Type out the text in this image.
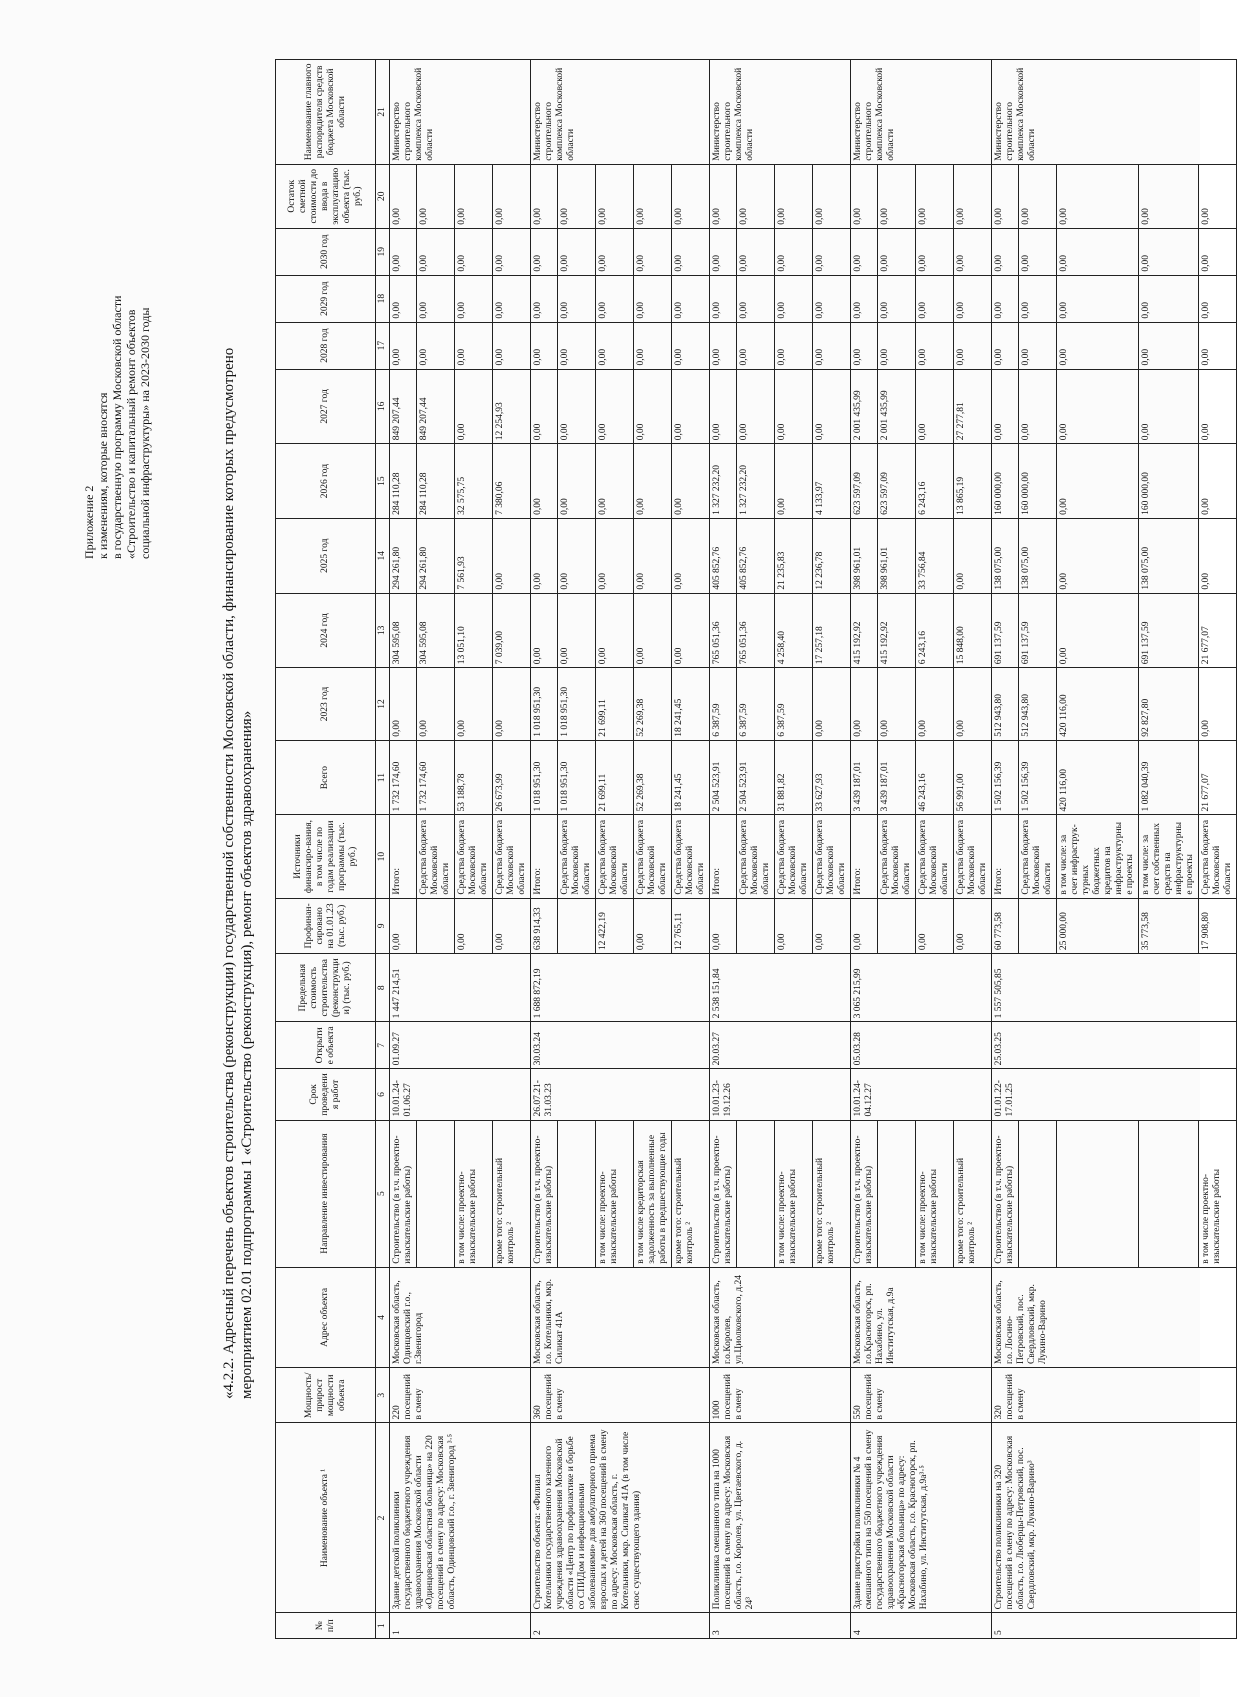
Приложение 2 к изменениям, которые вносятся в государственную программу Московской области «Строительство и капитальный ремонт объектов социальной инфраструктуры» на 2023-2030 годы	«4.2.2. Адресный перечень объектов строительства (реконструкции) государственной собственности Московской области, финансирование которых предусмотрено мероприятием 02.01 подпрограммы 1 «Строительство (реконструкция), ремонт объектов здравоохранения»
№ п/п	Наименование объекта ¹	Мощность/ прирост мощности объекта	Адрес объекта	Направление инвестирования	Срок проведения работ	Открытие объекта	Предельная стоимость строительства (реконструкции) (тыс. руб.)	Профинан-сировано на 01.01.23 (тыс. руб.)	Источники финансиро-вания, в том числе по годам реализации программы (тыс. руб.)	Всего	2023 год	2024 год	2025 год	2026 год	2027 год	2028 год	2029 год	2030 год	Остаток сметной стоимости до ввода в эксплуатацию объекта (тыс. руб.)	Наименование главного распорядителя средств бюджета Московской области
1	2	3	4	5	6	7	8	9	10	11	12	13	14	15	16	17	18	19	20	21
1	Здание детской поликлиники государственного бюджетного учреждения здравоохранения Московской области «Одинцовская областная больница» на 220 посещений в смену по адресу: Московская область, Одинцовский г.о., г. Звенигород ³·⁵	220 посещений в смену	Московская область, Одинцовский г.о., г.Звенигород	Строительство (в т.ч. проектно-изыскательские работы)	10.01.24-01.06.27	01.09.27	1 447 214,51	0,00	Итого:	1 732 174,60	0,00	304 595,08	294 261,80	284 110,28	849 207,44	0,00	0,00	0,00	0,00	Министерство строительного комплекса Московской области
									Средства бюджета Московской области	1 732 174,60	0,00	304 595,08	294 261,80	284 110,28	849 207,44	0,00	0,00	0,00	0,00	
				в том числе: проектно-изыскательские работы				0,00	Средства бюджета Московской области	53 188,78	0,00	13 051,10	7 561,93	32 575,75	0,00	0,00	0,00	0,00	0,00	
				кроме того: строительный контроль ²				0,00	Средства бюджета Московской области	26 673,99	0,00	7 039,00	0,00	7 380,06	12 254,93	0,00	0,00	0,00	0,00	
2	Строительство объекта: «Филиал Котельники государственного казенного учреждения здравоохранения Московской области «Центр по профилактике и борьбе со СПИДом и инфекционными заболеваниями» для амбулаторного приема взрослых и детей на 360 посещений в смену по адресу: Московская область, г. Котельники, мкр. Силикат 41А (в том числе снос существующего здания)	360 посещений в смену	Московская область, г.о. Котельники, мкр. Силикат 41А	Строительство (в т.ч. проектно-изыскательские работы)	26.07.21-31.03.23	30.03.24	1 688 872,19	638 914,33	Итого:	1 018 951,30	1 018 951,30	0,00	0,00	0,00	0,00	0,00	0,00	0,00	0,00	Министерство строительного комплекса Московской области
									Средства бюджета Московской области	1 018 951,30	1 018 951,30	0,00	0,00	0,00	0,00	0,00	0,00	0,00	0,00	
				в том числе: проектно-изыскательские работы				12 422,19	Средства бюджета Московской области	21 699,11	21 699,11	0,00	0,00	0,00	0,00	0,00	0,00	0,00	0,00	
				в том числе кредиторская задолженность за выполненные работы в предшествующие годы				0,00	Средства бюджета Московской области	52 269,38	52 269,38	0,00	0,00	0,00	0,00	0,00	0,00	0,00	0,00	
				кроме того: строительный контроль ²				12 765,11	Средства бюджета Московской области	18 241,45	18 241,45	0,00	0,00	0,00	0,00	0,00	0,00	0,00	0,00	
3	Поликлиника смешанного типа на 1000 посещений в смену по адресу: Московская область, г.о. Королев, ул. Цветаевского, д. 24³	1000 посещений в смену	Московская область, г.о.Королев, ул.Циолковского, д.24	Строительство (в т.ч. проектно-изыскательские работы)	10.01.23-19.12.26	20.03.27	2 538 151,84	0,00	Итого:	2 504 523,91	6 387,59	765 051,36	405 852,76	1 327 232,20	0,00	0,00	0,00	0,00	0,00	Министерство строительного комплекса Московской области
									Средства бюджета Московской области	2 504 523,91	6 387,59	765 051,36	405 852,76	1 327 232,20	0,00	0,00	0,00	0,00	0,00	
				в том числе: проектно-изыскательские работы				0,00	Средства бюджета Московской области	31 881,82	6 387,59	4 258,40	21 235,83	0,00	0,00	0,00	0,00	0,00	0,00	
				кроме того: строительный контроль ²				0,00	Средства бюджета Московской области	33 627,93	0,00	17 257,18	12 236,78	4 133,97	0,00	0,00	0,00	0,00	0,00	
4	Здание пристройки поликлиники № 4 смешанного типа на 550 посещений в смену государственного бюджетного учреждения здравоохранения Московской области «Красногорская больница» по адресу: Московская область, г.о. Красногорск, рп. Нахабино, ул. Институтская, д.9а³·⁵	550 посещений в смену	Московская область, г.о.Красногорск, рп. Нахабино, ул. Институтская, д.9а	Строительство (в т.ч. проектно-изыскательские работы)	10.01.24-04.12.27	05.03.28	3 065 215,99	0,00	Итого:	3 439 187,01	0,00	415 192,92	398 961,01	623 597,09	2 001 435,99	0,00	0,00	0,00	0,00	Министерство строительного комплекса Московской области
									Средства бюджета Московской области	3 439 187,01	0,00	415 192,92	398 961,01	623 597,09	2 001 435,99	0,00	0,00	0,00	0,00	
				в том числе: проектно-изыскательские работы				0,00	Средства бюджета Московской области	46 243,16	0,00	6 243,16	33 756,84	6 243,16	0,00	0,00	0,00	0,00	0,00	
				кроме того: строительный контроль ²				0,00	Средства бюджета Московской области	56 991,00	0,00	15 848,00	0,00	13 865,19	27 277,81	0,00	0,00	0,00	0,00	
5	Строительство поликлиники на 320 посещений в смену по адресу: Московская область, г.о. Люберцы-Петровский, пос. Свердловский, мкр. Лукино-Варино³	320 посещений в смену	Московская область, г.о. Лосино-Петровский, пос. Свердловский, мкр. Лукино-Варино	Строительство (в т.ч. проектно-изыскательские работы)	01.01.22-17.01.25	25.03.25	1 557 505,85	60 773,58	Итого:	1 502 156,39	512 943,80	691 137,59	138 075,00	160 000,00	0,00	0,00	0,00	0,00	0,00	Министерство строительного комплекса Московской области
									Средства бюджета Московской области	1 502 156,39	512 943,80	691 137,59	138 075,00	160 000,00	0,00	0,00	0,00	0,00	0,00	
								25 000,00	в том числе: за счет инфраструк-турных бюджетных кредитов на инфраструктурные проекты	420 116,00	420 116,00	0,00	0,00	0,00	0,00	0,00	0,00	0,00	0,00	
								35 773,58	в том числе: за счет собственных средств на инфраструктурные проекты	1 082 040,39	92 827,80	691 137,59	138 075,00	160 000,00	0,00	0,00	0,00	0,00	0,00	
				в том числе проектно-изыскательские работы				17 908,80	Средства бюджета Московской области	21 677,07	0,00	21 677,07	0,00	0,00	0,00	0,00	0,00	0,00	0,00	
